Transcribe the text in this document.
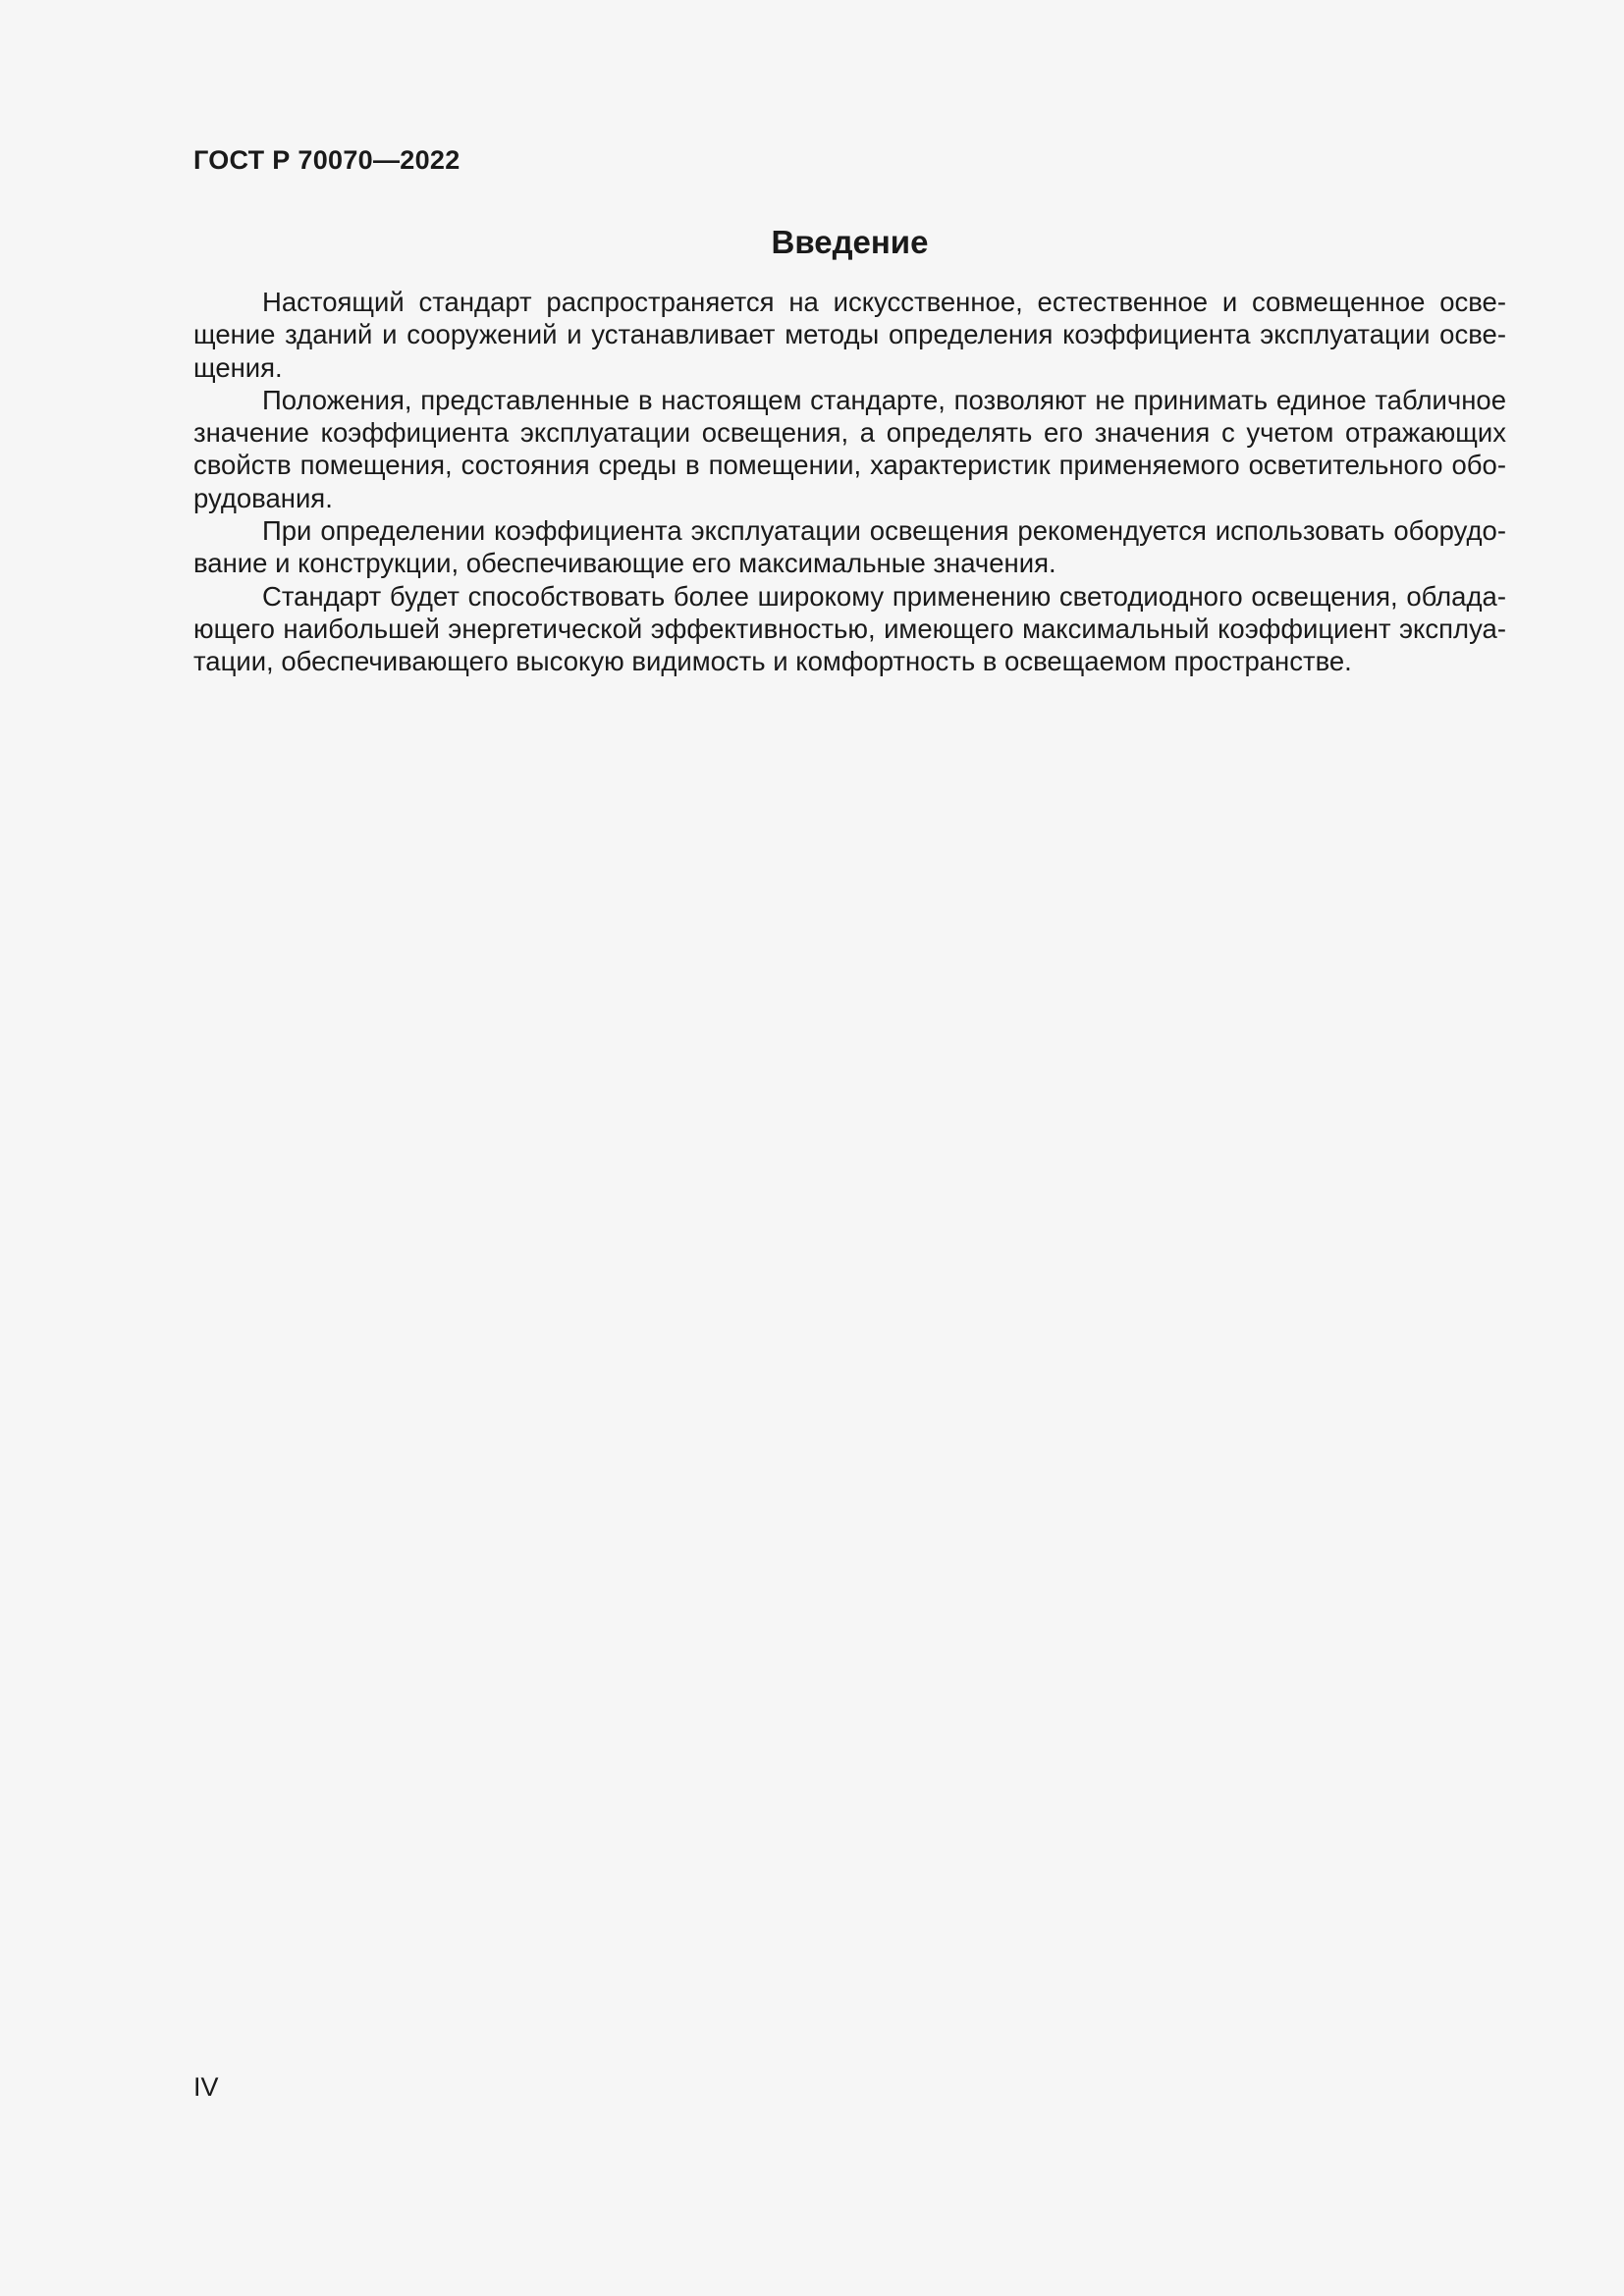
ГОСТ Р 70070—2022
Введение

Настоящий стандарт распространяется на искусственное, естественное и совмещенное освещение зданий и сооружений и устанавливает методы определения коэффициента эксплуатации освещения.

Положения, представленные в настоящем стандарте, позволяют не принимать единое табличное значение коэффициента эксплуатации освещения, а определять его значения с учетом отражающих свойств помещения, состояния среды в помещении, характеристик применяемого осветительного оборудования.

При определении коэффициента эксплуатации освещения рекомендуется использовать оборудование и конструкции, обеспечивающие его максимальные значения.

Стандарт будет способствовать более широкому применению светодиодного освещения, обладающего наибольшей энергетической эффективностью, имеющего максимальный коэффициент эксплуатации, обеспечивающего высокую видимость и комфортность в освещаемом пространстве.

IV
